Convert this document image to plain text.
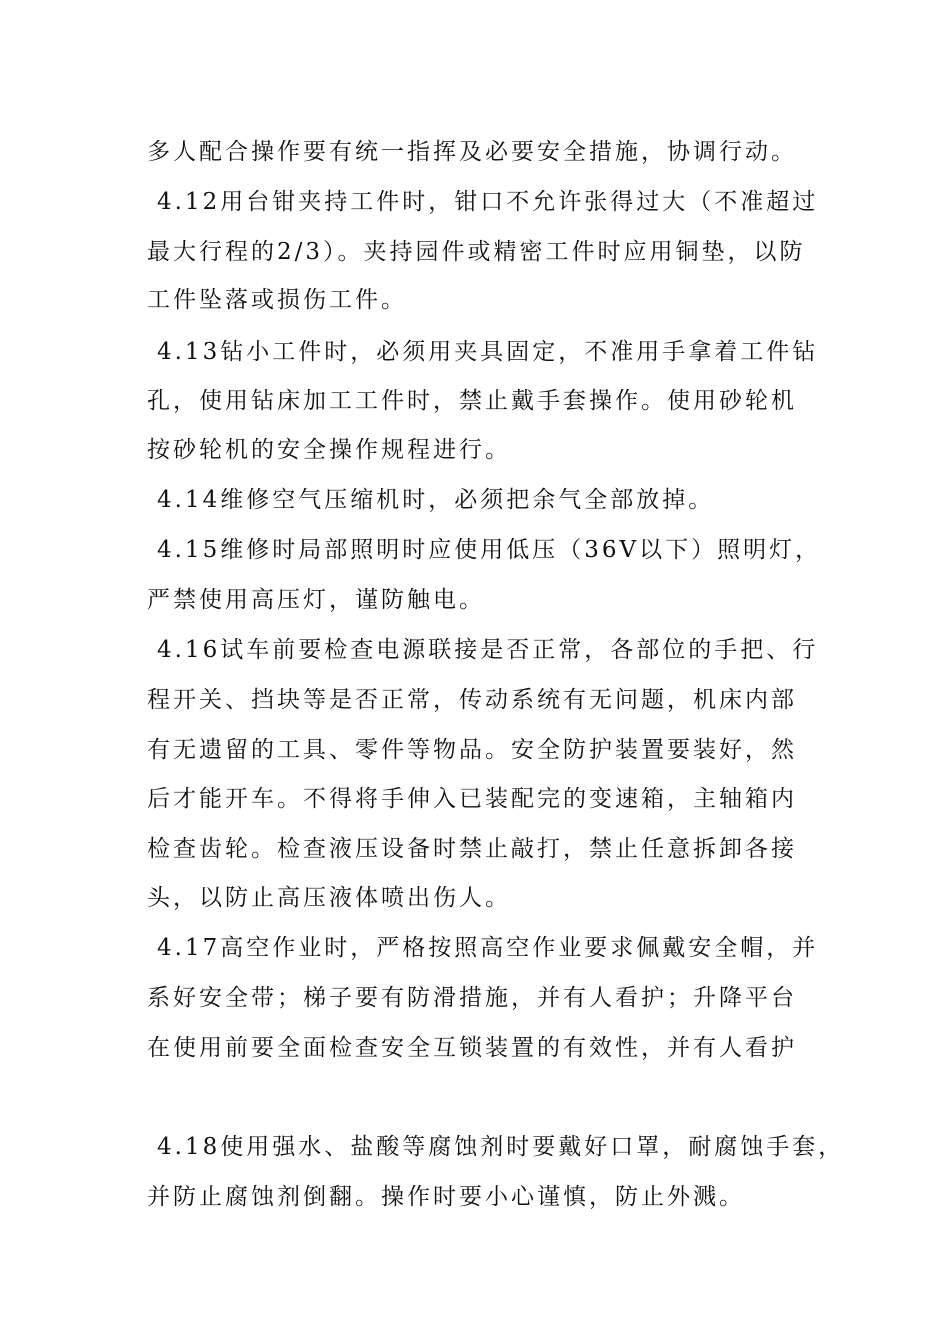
多人配合操作要有统一指挥及必要安全措施，协调行动。
4.12用台钳夹持工件时，钳口不允许张得过大（不准超过
最大行程的2/3）。夹持园件或精密工件时应用铜垫，以防
工件坠落或损伤工件。
4.13钻小工件时，必须用夹具固定，不准用手拿着工件钻
孔，使用钻床加工工件时，禁止戴手套操作。使用砂轮机
按砂轮机的安全操作规程进行。
4.14维修空气压缩机时，必须把余气全部放掉。
4.15维修时局部照明时应使用低压（36V以下）照明灯，
严禁使用高压灯，谨防触电。
4.16试车前要检查电源联接是否正常，各部位的手把、行
程开关、挡块等是否正常，传动系统有无问题，机床内部
有无遗留的工具、零件等物品。安全防护装置要装好，然
后才能开车。不得将手伸入已装配完的变速箱，主轴箱内
检查齿轮。检查液压设备时禁止敲打，禁止任意拆卸各接
头，以防止高压液体喷出伤人。
4.17高空作业时，严格按照高空作业要求佩戴安全帽，并
系好安全带；梯子要有防滑措施，并有人看护；升降平台
在使用前要全面检查安全互锁装置的有效性，并有人看护
4.18使用强水、盐酸等腐蚀剂时要戴好口罩，耐腐蚀手套，
并防止腐蚀剂倒翻。操作时要小心谨慎，防止外溅。
